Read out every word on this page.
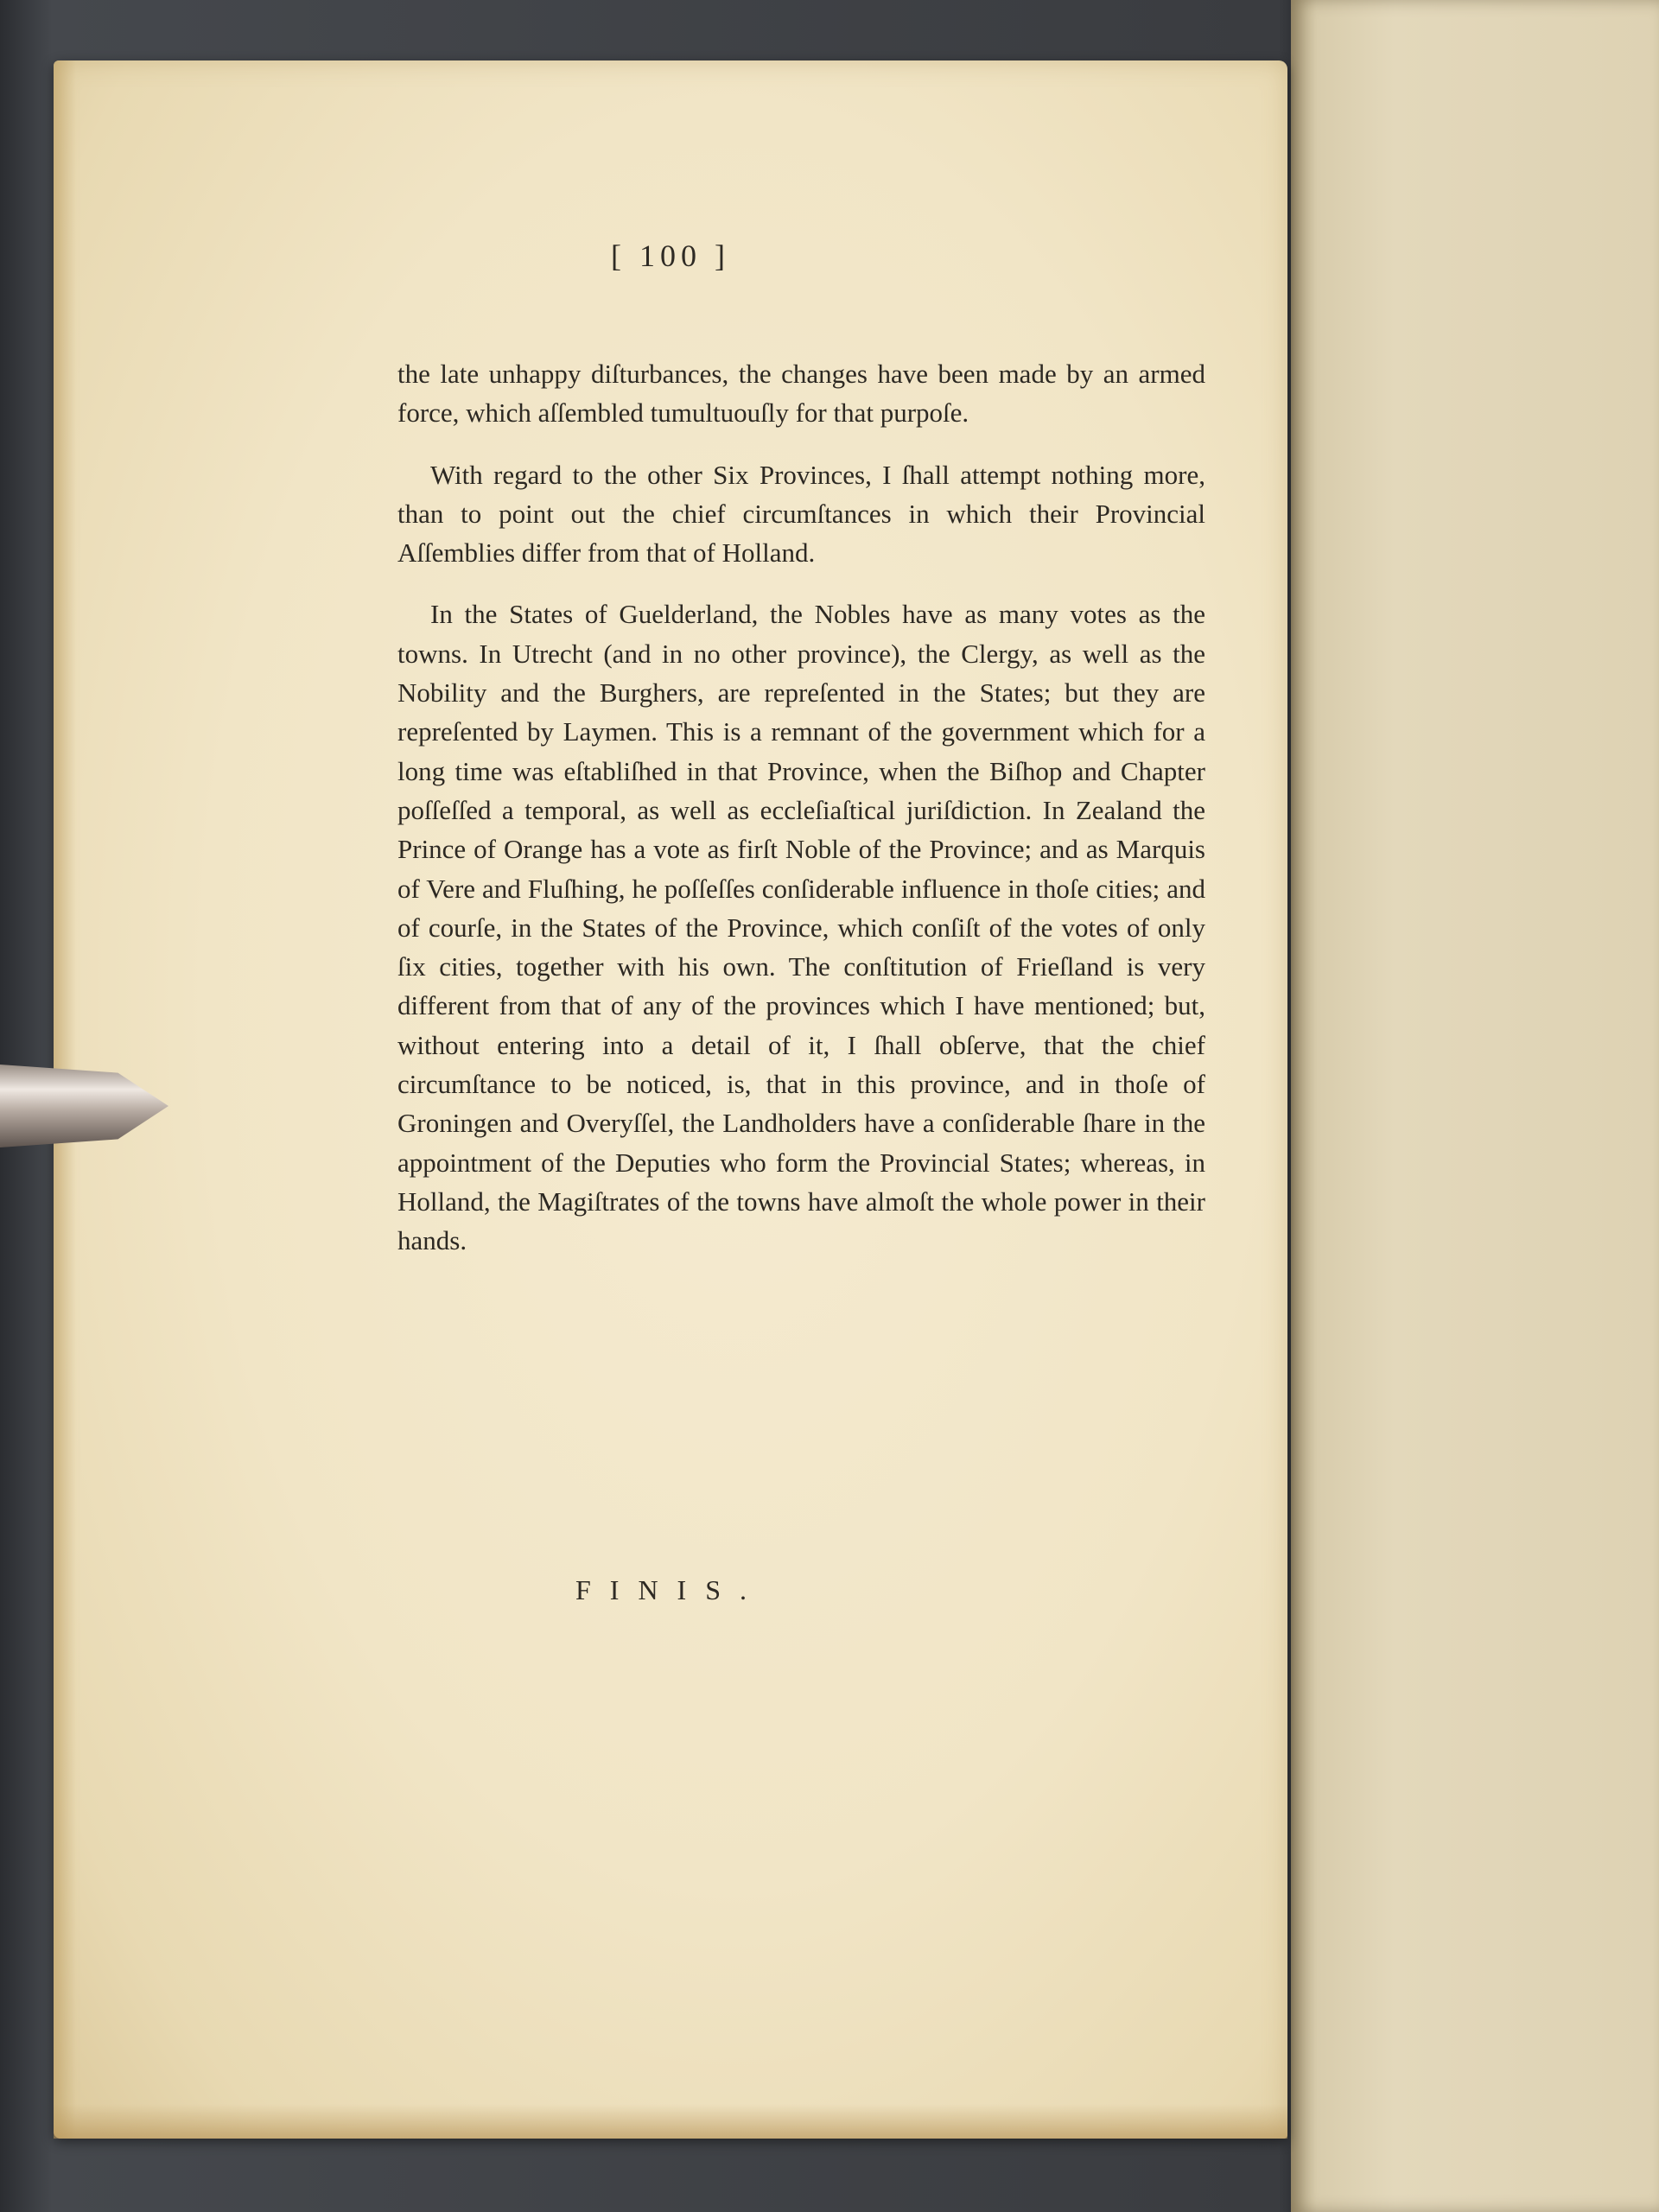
[ 100 ]

the late unhappy diſturbances, the changes have been made by an armed force, which aſſembled tumultuouſly for that purpoſe.

With regard to the other Six Provinces, I ſhall attempt nothing more, than to point out the chief circumſtances in which their Provincial Aſſemblies differ from that of Holland.

In the States of Guelderland, the Nobles have as many votes as the towns. In Utrecht (and in no other province), the Clergy, as well as the Nobility and the Burghers, are repreſented in the States; but they are repreſented by Laymen. This is a remnant of the government which for a long time was eſtabliſhed in that Province, when the Biſhop and Chapter poſſeſſed a temporal, as well as eccleſiaſtical juriſdiction. In Zealand the Prince of Orange has a vote as firſt Noble of the Province; and as Marquis of Vere and Fluſhing, he poſſeſſes conſiderable influence in thoſe cities; and of courſe, in the States of the Province, which conſiſt of the votes of only ſix cities, together with his own. The conſtitution of Frieſland is very different from that of any of the provinces which I have mentioned; but, without entering into a detail of it, I ſhall obſerve, that the chief circumſtance to be noticed, is, that in this province, and in thoſe of Groningen and Overyſſel, the Landholders have a conſiderable ſhare in the appointment of the Deputies who form the Provincial States; whereas, in Holland, the Magiſtrates of the towns have almoſt the whole power in their hands.

FINIS.
